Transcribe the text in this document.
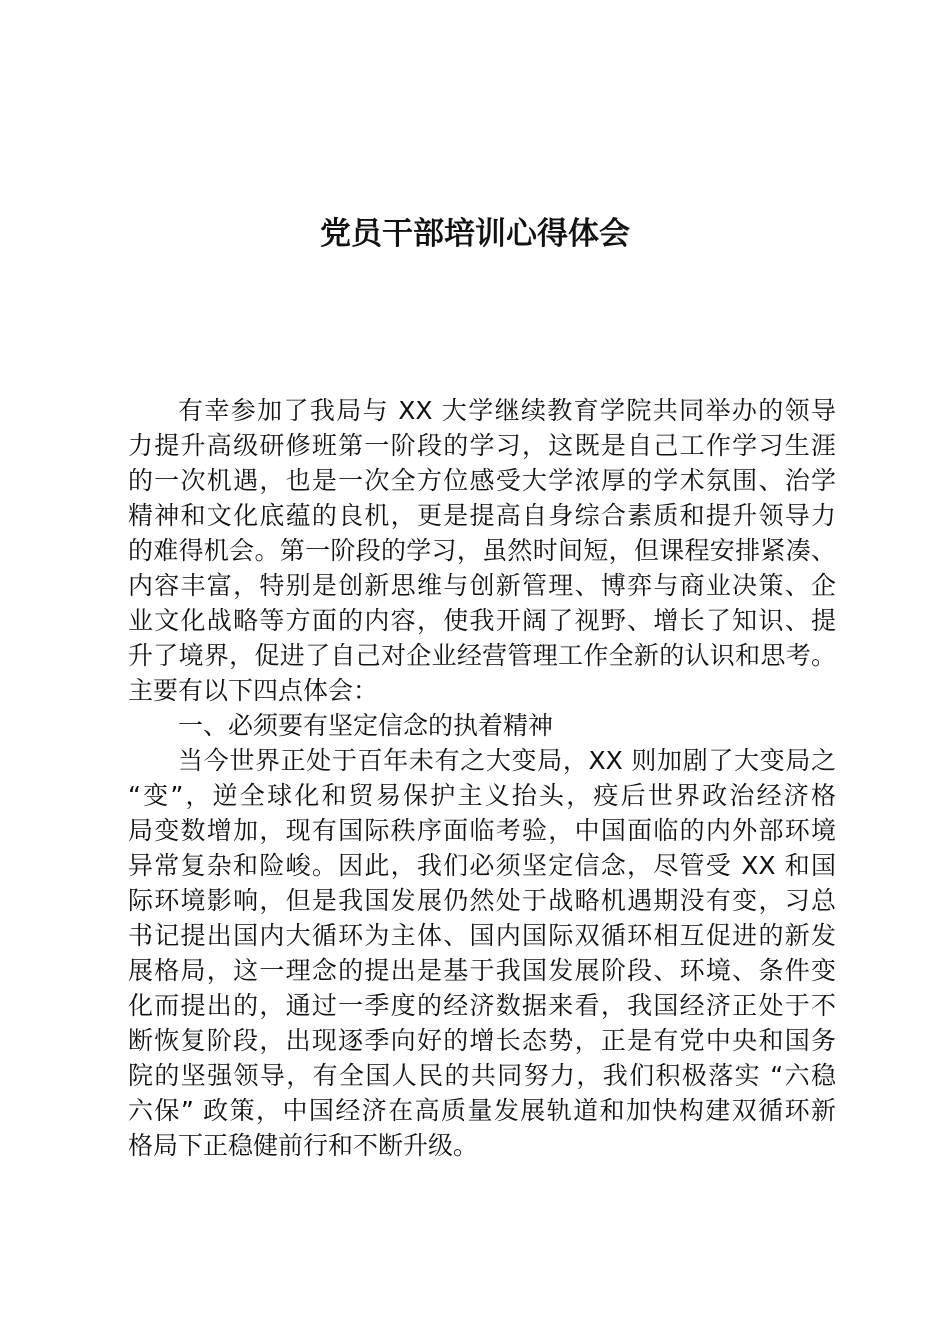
党员干部培训心得体会
有幸参加了我局与 XX 大学继续教育学院共同举办的领导
力提升高级研修班第一阶段的学习，这既是自己工作学习生涯
的一次机遇，也是一次全方位感受大学浓厚的学术氛围、治学
精神和文化底蕴的良机，更是提高自身综合素质和提升领导力
的难得机会。第一阶段的学习，虽然时间短，但课程安排紧凑、
内容丰富，特别是创新思维与创新管理、博弈与商业决策、企
业文化战略等方面的内容，使我开阔了视野、增长了知识、提
升了境界，促进了自己对企业经营管理工作全新的认识和思考。
主要有以下四点体会：
一、必须要有坚定信念的执着精神
当今世界正处于百年未有之大变局，XX 则加剧了大变局之
“变”，逆全球化和贸易保护主义抬头，疫后世界政治经济格
局变数增加，现有国际秩序面临考验，中国面临的内外部环境
异常复杂和险峻。因此，我们必须坚定信念，尽管受 XX 和国
际环境影响，但是我国发展仍然处于战略机遇期没有变，习总
书记提出国内大循环为主体、国内国际双循环相互促进的新发
展格局，这一理念的提出是基于我国发展阶段、环境、条件变
化而提出的，通过一季度的经济数据来看，我国经济正处于不
断恢复阶段，出现逐季向好的增长态势，正是有党中央和国务
院的坚强领导，有全国人民的共同努力，我们积极落实 “六稳
六保” 政策，中国经济在高质量发展轨道和加快构建双循环新
格局下正稳健前行和不断升级。
